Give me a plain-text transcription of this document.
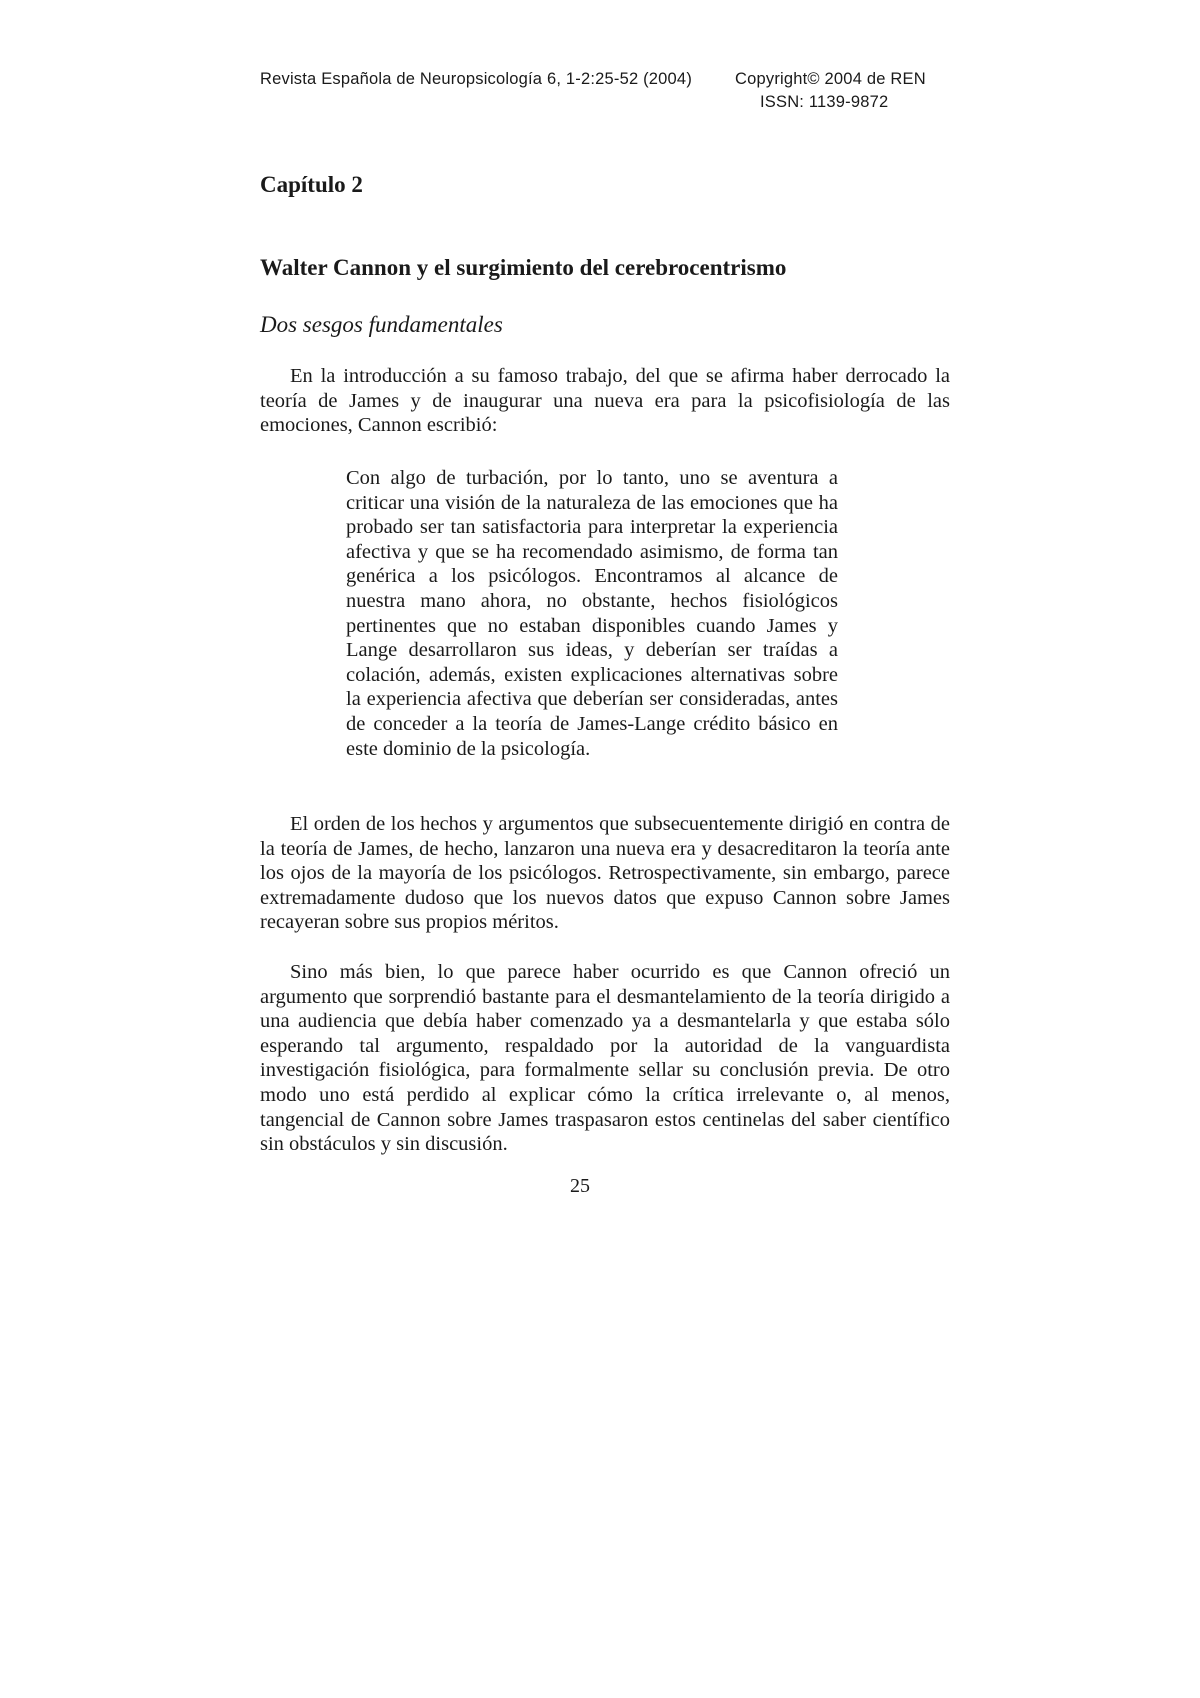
Revista Española de Neuropsicología 6, 1-2:25-52 (2004)	Copyright© 2004 de REN
ISSN: 1139-9872
Capítulo 2
Walter Cannon y el surgimiento del cerebrocentrismo
Dos sesgos fundamentales

En la introducción a su famoso trabajo, del que se afirma haber derrocado la teoría de James y de inaugurar una nueva era para la psicofisiología de las emociones, Cannon escribió:

Con algo de turbación, por lo tanto, uno se aventura a criticar una visión de la naturaleza de las emociones que ha probado ser tan satisfactoria para interpretar la experiencia afectiva y que se ha recomendado asimismo, de forma tan genérica a los psicólogos. Encontramos al alcance de nuestra mano ahora, no obstante, hechos fisiológicos pertinentes que no estaban disponibles cuando James y Lange desarrollaron sus ideas, y deberían ser traídas a colación, además, existen explicaciones alternativas sobre la experiencia afectiva que deberían ser consideradas, antes de conceder a la teoría de James-Lange crédito básico en este dominio de la psicología.

El orden de los hechos y argumentos que subsecuentemente dirigió en contra de la teoría de James, de hecho, lanzaron una nueva era y desacreditaron la teoría ante los ojos de la mayoría de los psicólogos. Retrospectivamente, sin embargo, parece extremadamente dudoso que los nuevos datos que expuso Cannon sobre James recayeran sobre sus propios méritos.

Sino más bien, lo que parece haber ocurrido es que Cannon ofreció un argumento que sorprendió bastante para el desmantelamiento de la teoría dirigido a una audiencia que debía haber comenzado ya a desmantelarla y que estaba sólo esperando tal argumento, respaldado por la autoridad de la vanguardista investigación fisiológica, para formalmente sellar su conclusión previa. De otro modo uno está perdido al explicar cómo la crítica irrelevante o, al menos, tangencial de Cannon sobre James traspasaron estos centinelas del saber científico sin obstáculos y sin discusión.

25
